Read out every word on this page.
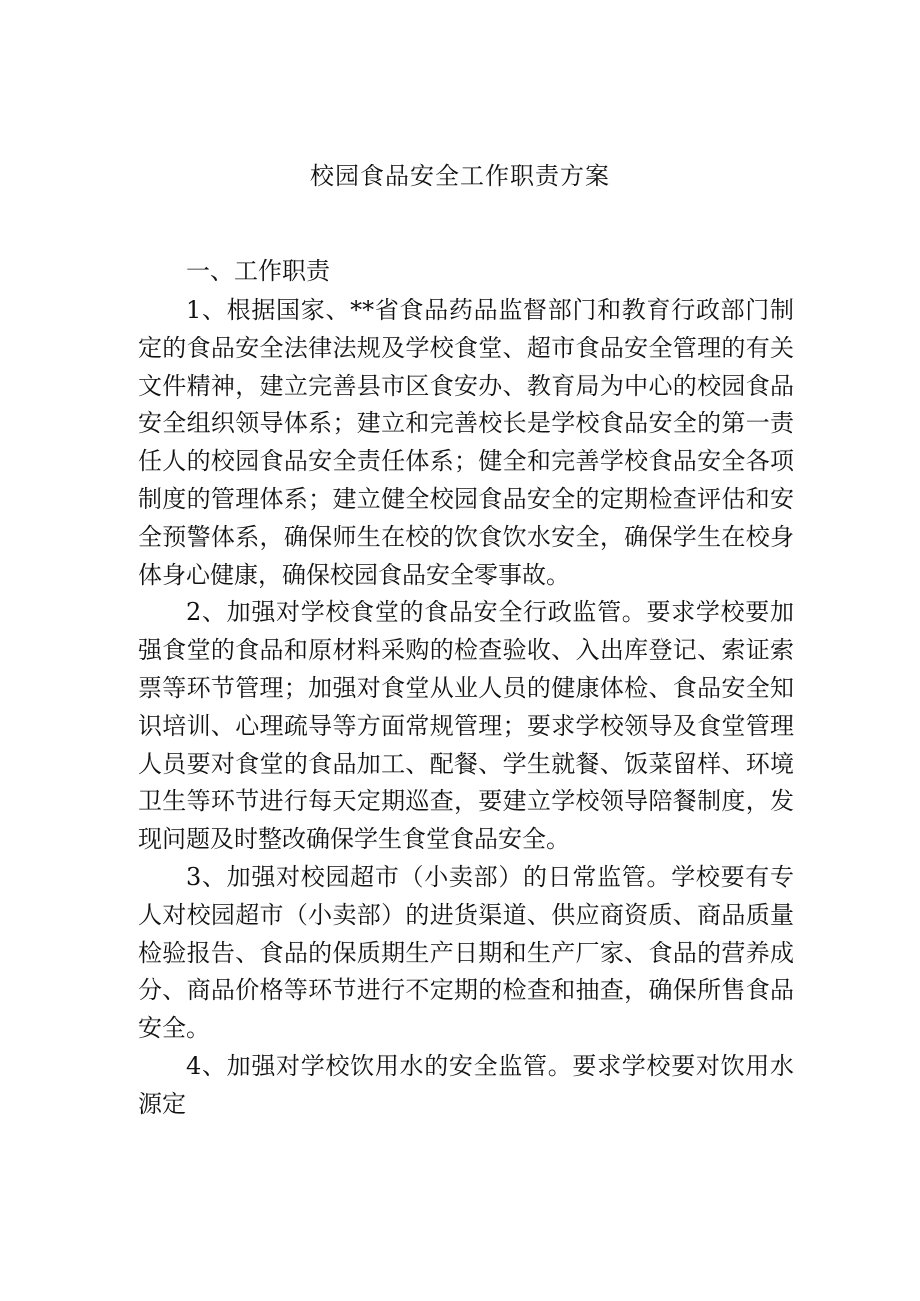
校园食品安全工作职责方案
一、工作职责

1、根据国家、**省食品药品监督部门和教育行政部门制定的食品安全法律法规及学校食堂、超市食品安全管理的有关文件精神，建立完善县市区食安办、教育局为中心的校园食品安全组织领导体系；建立和完善校长是学校食品安全的第一责任人的校园食品安全责任体系；健全和完善学校食品安全各项制度的管理体系；建立健全校园食品安全的定期检查评估和安全预警体系，确保师生在校的饮食饮水安全，确保学生在校身体身心健康，确保校园食品安全零事故。

2、加强对学校食堂的食品安全行政监管。要求学校要加强食堂的食品和原材料采购的检查验收、入出库登记、索证索票等环节管理；加强对食堂从业人员的健康体检、食品安全知识培训、心理疏导等方面常规管理；要求学校领导及食堂管理人员要对食堂的食品加工、配餐、学生就餐、饭菜留样、环境卫生等环节进行每天定期巡查，要建立学校领导陪餐制度，发现问题及时整改确保学生食堂食品安全。

3、加强对校园超市（小卖部）的日常监管。学校要有专人对校园超市（小卖部）的进货渠道、供应商资质、商品质量检验报告、食品的保质期生产日期和生产厂家、食品的营养成分、商品价格等环节进行不定期的检查和抽查，确保所售食品安全。

4、加强对学校饮用水的安全监管。要求学校要对饮用水源定
